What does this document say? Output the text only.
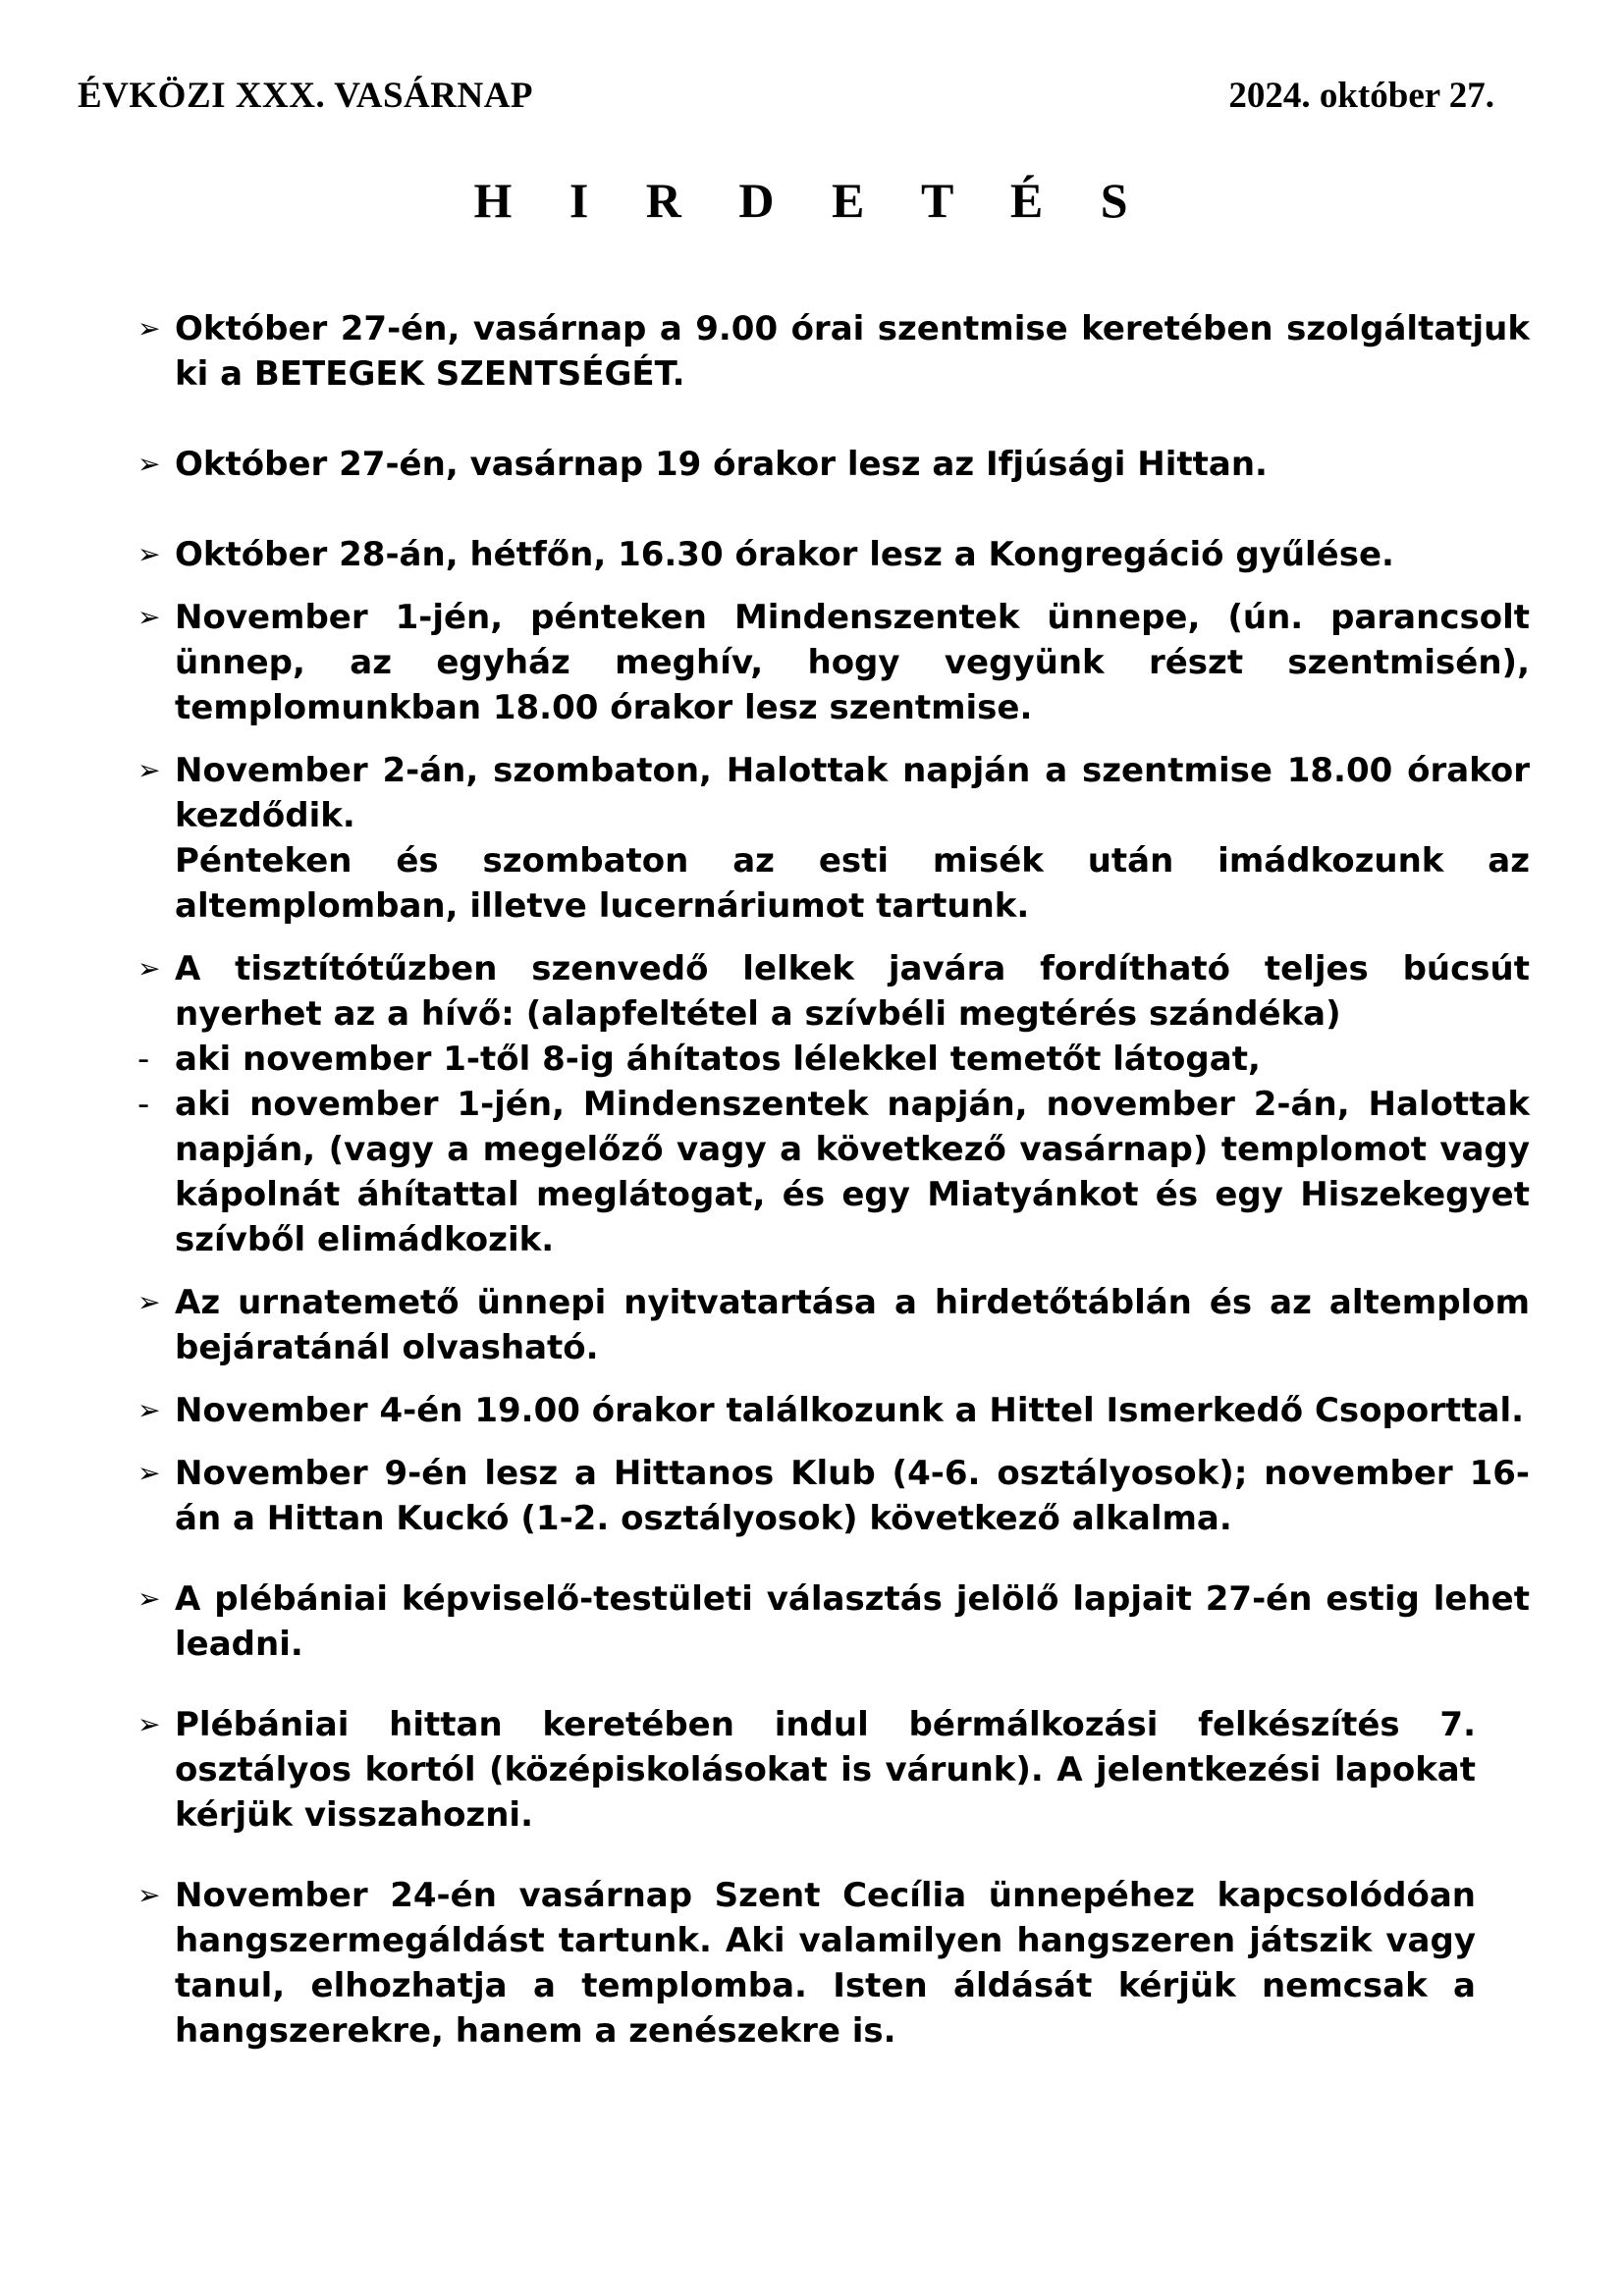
ÉVKÖZI XXX. VASÁRNAP	2024. október 27.
H I R D E T É S
➢ Október 27-én, vasárnap a 9.00 órai szentmise keretében szolgáltatjuk ki a BETEGEK SZENTSÉGÉT.

➢ Október 27-én, vasárnap 19 órakor lesz az Ifjúsági Hittan.

➢ Október 28-án, hétfőn, 16.30 órakor lesz a Kongregáció gyűlése.

➢ November 1-jén, pénteken Mindenszentek ünnepe, (ún. parancsolt ünnep, az egyház meghív, hogy vegyünk részt szentmisén), templomunkban 18.00 órakor lesz szentmise.

➢ November 2-án, szombaton, Halottak napján a szentmise 18.00 órakor kezdődik.

Pénteken és szombaton az esti misék után imádkozunk az altemplomban, illetve lucernáriumot tartunk.

➢ A tisztítótűzben szenvedő lelkek javára fordítható teljes búcsút nyerhet az a hívő: (alapfeltétel a szívbéli megtérés szándéka)

- aki november 1-től 8-ig áhítatos lélekkel temetőt látogat,

- aki november 1-jén, Mindenszentek napján, november 2-án, Halottak napján, (vagy a megelőző vagy a következő vasárnap) templomot vagy kápolnát áhítattal meglátogat, és egy Miatyánkot és egy Hiszekegyet szívből elimádkozik.

➢ Az urnatemető ünnepi nyitvatartása a hirdetőtáblán és az altemplom bejáratánál olvasható.

➢ November 4-én 19.00 órakor találkozunk a Hittel Ismerkedő Csoporttal.

➢ November 9-én lesz a Hittanos Klub (4-6. osztályosok); november 16-án a Hittan Kuckó (1-2. osztályosok) következő alkalma.

➢ A plébániai képviselő-testületi választás jelölő lapjait 27-én estig lehet leadni.

➢ Plébániai hittan keretében indul bérmálkozási felkészítés 7. osztályos kortól (középiskolásokat is várunk). A jelentkezési lapokat kérjük visszahozni.

➢ November 24-én vasárnap Szent Cecília ünnepéhez kapcsolódóan hangszermegáldást tartunk. Aki valamilyen hangszeren játszik vagy tanul, elhozhatja a templomba. Isten áldását kérjük nemcsak a hangszerekre, hanem a zenészekre is.
